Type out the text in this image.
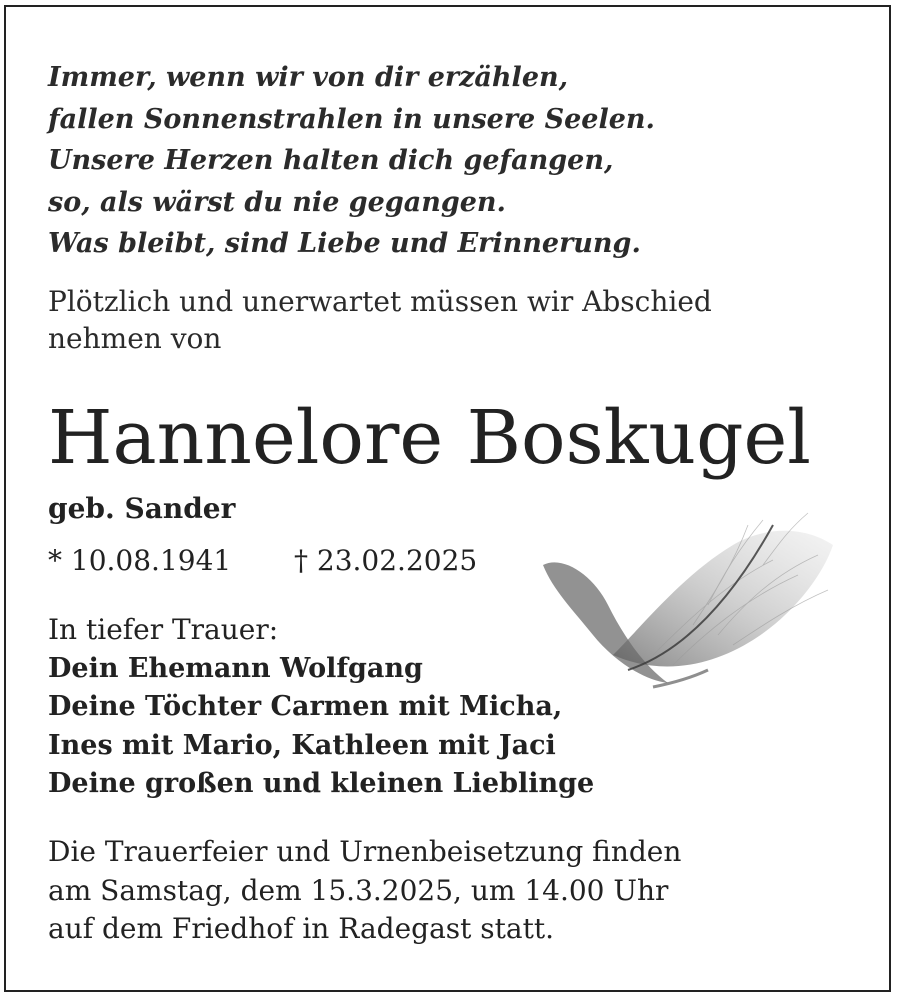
Immer, wenn wir von dir erzählen,
fallen Sonnenstrahlen in unsere Seelen.
Unsere Herzen halten dich gefangen,
so, als wärst du nie gegangen.
Was bleibt, sind Liebe und Erinnerung.
Plötzlich und unerwartet müssen wir Abschied
nehmen von
Hannelore Boskugel
geb. Sander
* 10.08.1941 † 23.02.2025
In tiefer Trauer:
Dein Ehemann Wolfgang
Deine Töchter Carmen mit Micha,
Ines mit Mario, Kathleen mit Jaci
Deine großen und kleinen Lieblinge
Die Trauerfeier und Urnenbeisetzung finden
am Samstag, dem 15.3.2025, um 14.00 Uhr
auf dem Friedhof in Radegast statt.
